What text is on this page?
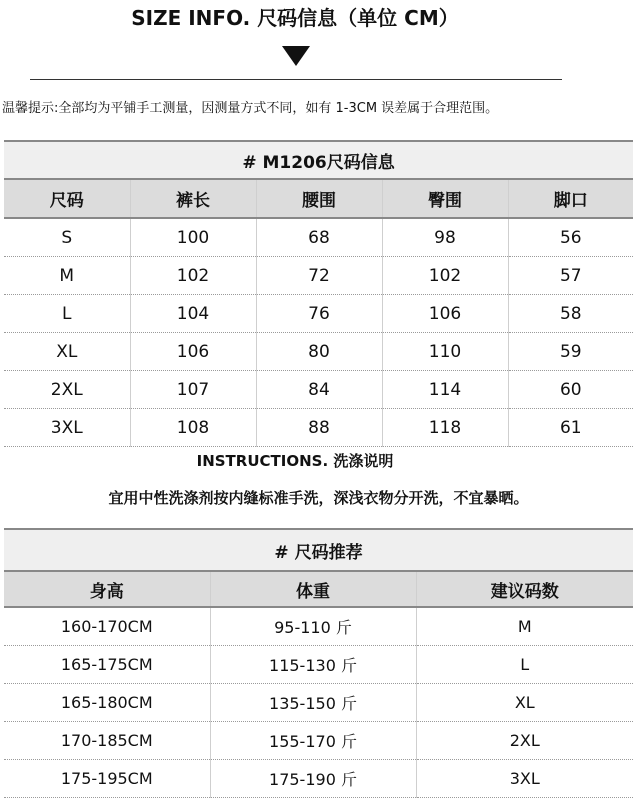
SIZE INFO. 尺码信息（单位 CM）
温馨提示:全部均为平铺手工测量，因测量方式不同，如有 1-3CM 误差属于合理范围。
# M1206尺码信息				
尺码	裤长	腰围	臀围	脚口
S	100	68	98	56
M	102	72	102	57
L	104	76	106	58
XL	106	80	110	59
2XL	107	84	114	60
3XL	108	88	118	61
INSTRUCTIONS. 洗涤说明
宜用中性洗涤剂按内缝标准手洗，深浅衣物分开洗，不宜暴晒。
# 尺码推荐		
身高	体重	建议码数
160-170CM	95-110 斤	M
165-175CM	115-130 斤	L
165-180CM	135-150 斤	XL
170-185CM	155-170 斤	2XL
175-195CM	175-190 斤	3XL
